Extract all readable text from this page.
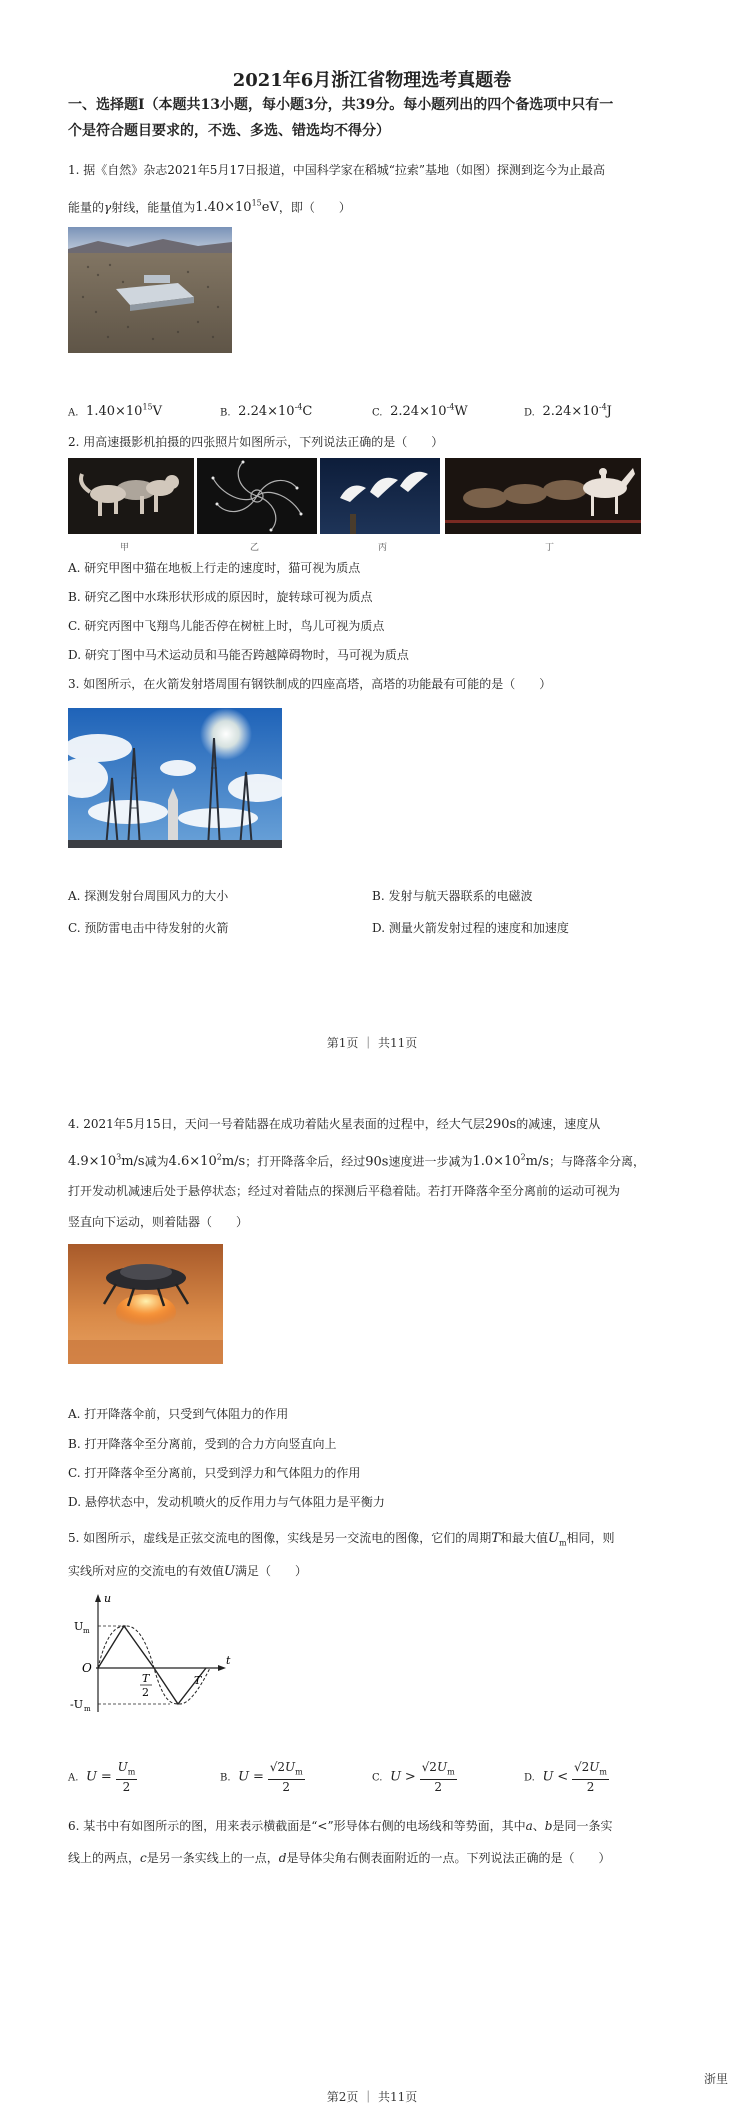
2021年6月浙江省物理选考真题卷
一、选择题Ⅰ（本题共13小题，每小题3分，共39分。每小题列出的四个备选项中只有一
个是符合题目要求的，不选、多选、错选均不得分）
1. 据《自然》杂志2021年5月17日报道，中国科学家在稻城“拉索”基地（如图）探测到迄今为止最高
能量的γ射线，能量值为$1.40\times 10^{15}eV$，即（　　）
A. $1.40\times 10^{15}V$	B. $2.24\times 10^{-4}C$	C. $2.24\times 10^{-4}W$	D. $2.24\times 10^{-4}J$
2. 用高速摄影机拍摄的四张照片如图所示，下列说法正确的是（　　）
甲	乙	丙	丁
A. 研究甲图中猫在地板上行走的速度时，猫可视为质点
B. 研究乙图中水珠形状形成的原因时，旋转球可视为质点
C. 研究丙图中飞翔鸟儿能否停在树桩上时，鸟儿可视为质点
D. 研究丁图中马术运动员和马能否跨越障碍物时，马可视为质点
3. 如图所示，在火箭发射塔周围有钢铁制成的四座高塔，高塔的功能最有可能的是（　　）
A. 探测发射台周围风力的大小	B. 发射与航天器联系的电磁波
C. 预防雷电击中待发射的火箭	D. 测量火箭发射过程的速度和加速度
第1页 ｜ 共11页
4. 2021年5月15日，天问一号着陆器在成功着陆火星表面的过程中，经大气层290s的减速，速度从
$4.9\times 10^3m/s$减为$4.6\times 10^2m/s$；打开降落伞后，经过90s速度进一步减为$1.0\times 10^2m/s$；与降落伞分离，
打开发动机减速后处于悬停状态；经过对着陆点的探测后平稳着陆。若打开降落伞至分离前的运动可视为
竖直向下运动，则着陆器（　　）
A. 打开降落伞前，只受到气体阻力的作用
B. 打开降落伞至分离前，受到的合力方向竖直向上
C. 打开降落伞至分离前，只受到浮力和气体阻力的作用
D. 悬停状态中，发动机喷火的反作用力与气体阻力是平衡力
5. 如图所示，虚线是正弦交流电的图像，实线是另一交流电的图像，它们的周期T和最大值$U_m$相同，则
实线所对应的交流电的有效值U满足（　　）
u
t
O
U m
-U m
T
2
T
A. $U = \frac{U_m}{2}$	B. $U = \frac{√2U_m}{2}$	C. $U > \frac{√2U_m}{2}$	D. $U < \frac{√2U_m}{2}$
6. 某书中有如图所示的图，用来表示横截面是“<”形导体右侧的电场线和等势面，其中a、b是同一条实
线上的两点，c是另一条实线上的一点，d是导体尖角右侧表面附近的一点。下列说法正确的是（　　）
浙里
第2页 ｜ 共11页
